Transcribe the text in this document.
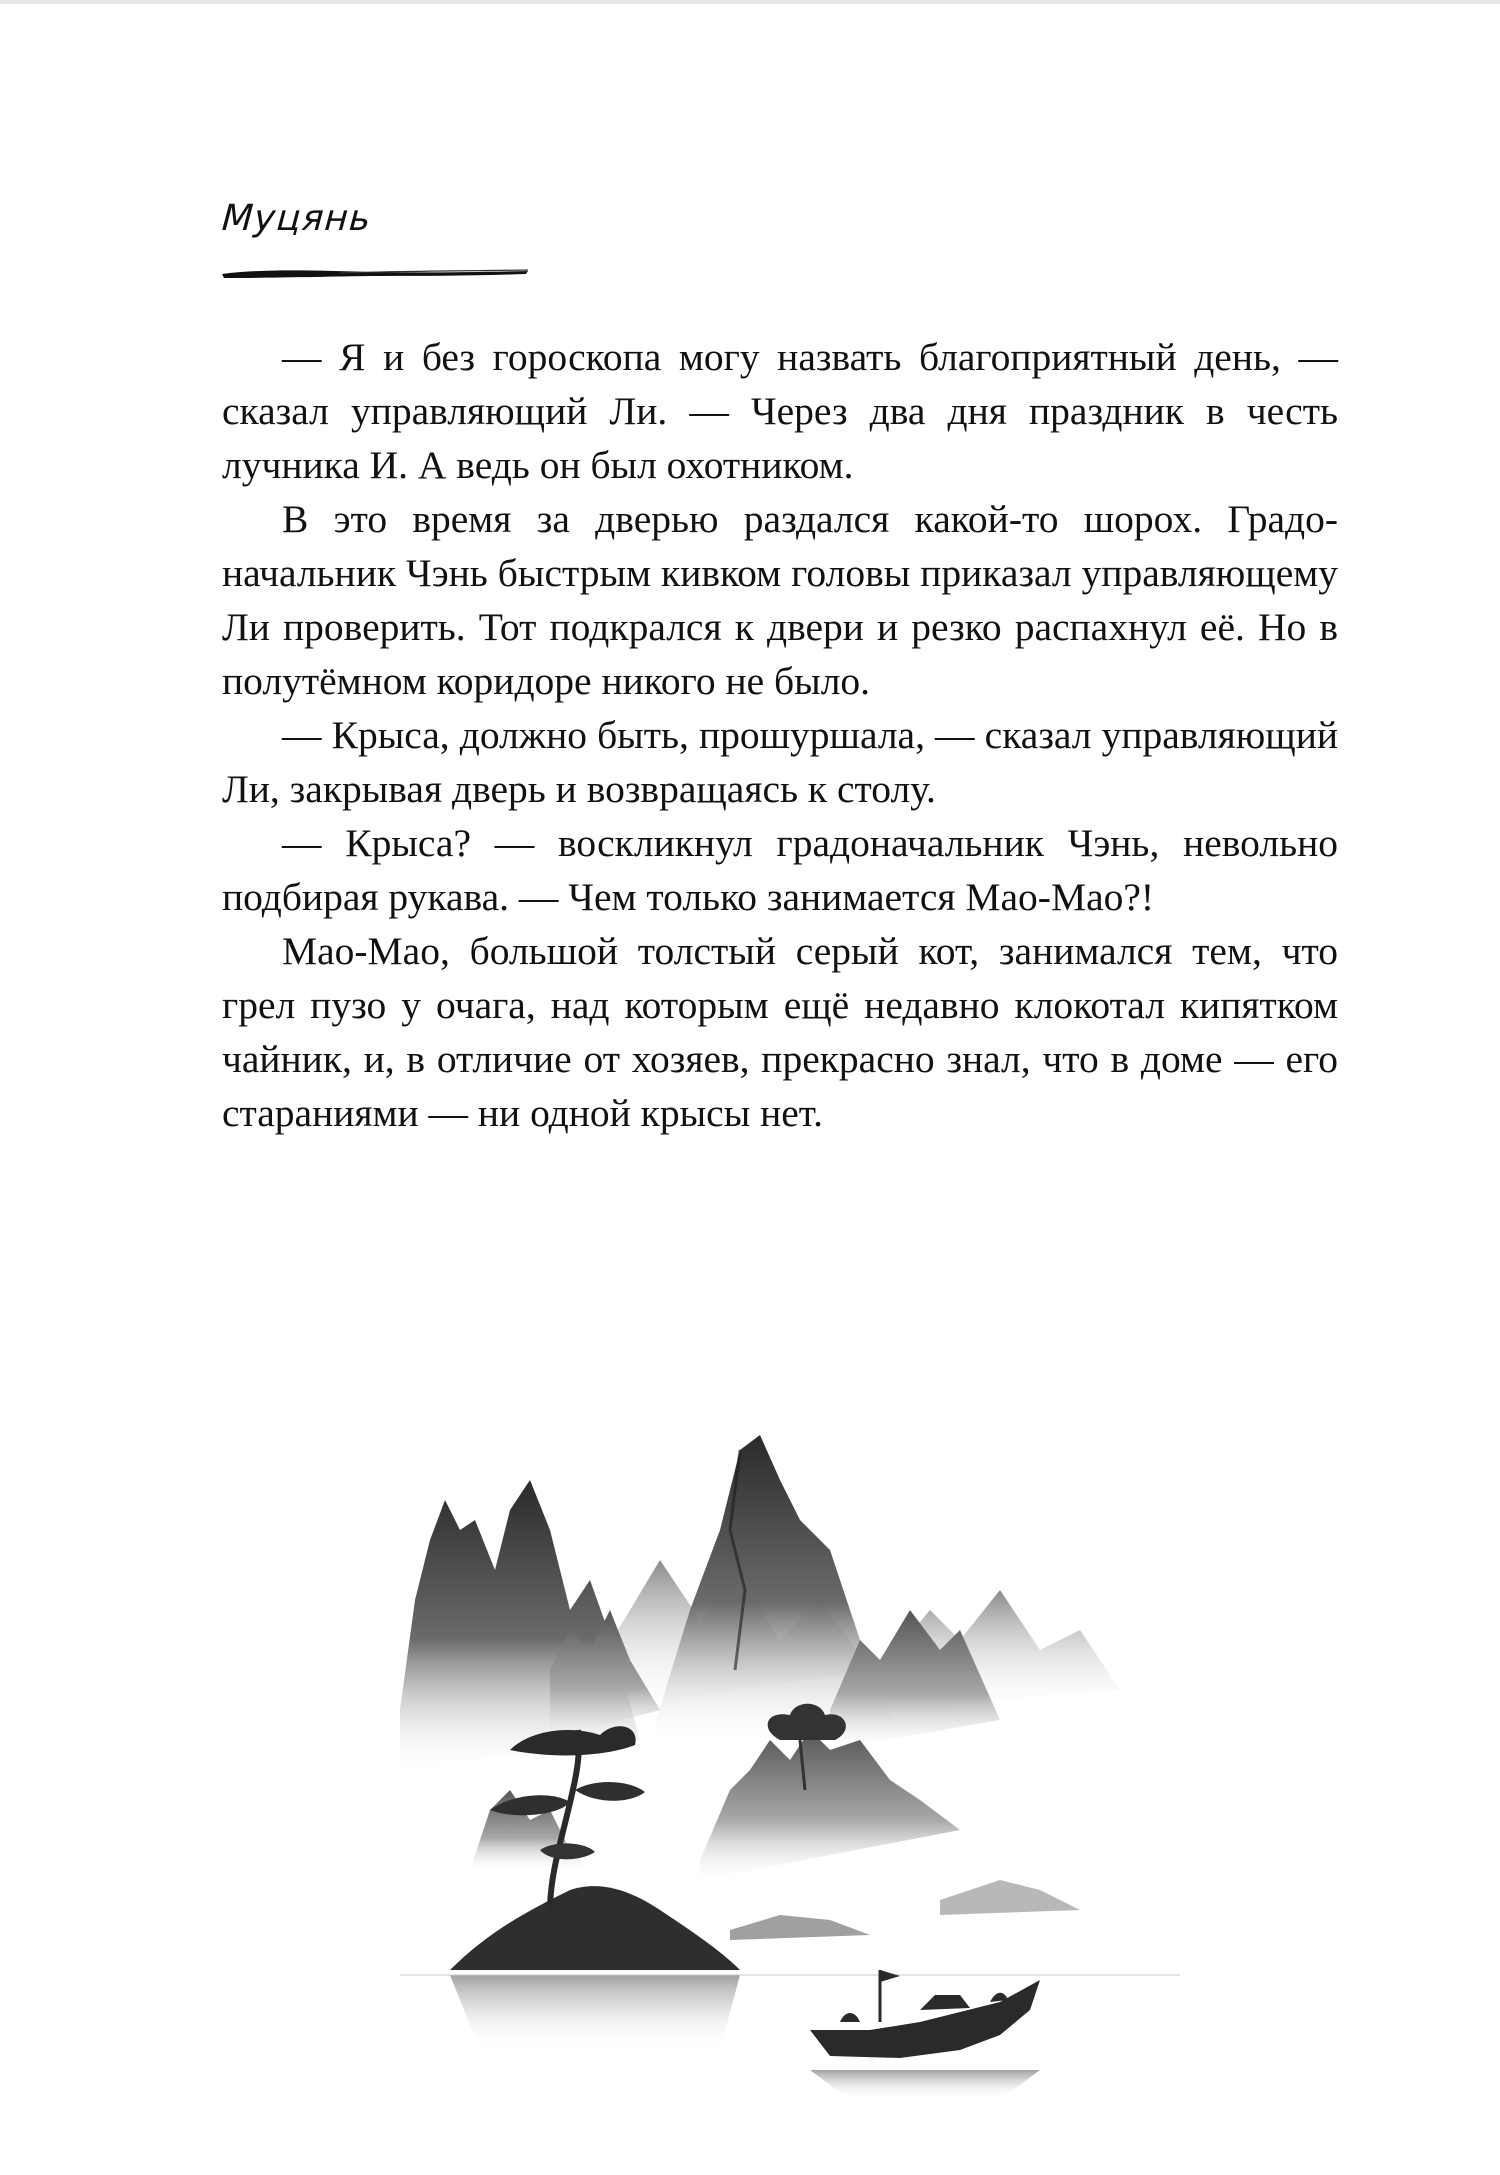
Муцянь

— Я и без гороскопа могу назвать благоприятный день, — сказал управляющий Ли. — Через два дня праздник в честь лучника И. А ведь он был охотником.

В это время за дверью раздался какой-то шорох. Градоначальник Чэнь быстрым кивком головы приказал управляющему Ли проверить. Тот подкрался к двери и резко распахнул её. Но в полутёмном коридоре никого не было.

— Крыса, должно быть, прошуршала, — сказал управляющий Ли, закрывая дверь и возвращаясь к столу.

— Крыса? — воскликнул градоначальник Чэнь, невольно подбирая рукава. — Чем только занимается Мао-Мао?!

Мао-Мао, большой толстый серый кот, занимался тем, что грел пузо у очага, над которым ещё недавно клокотал кипятком чайник, и, в отличие от хозяев, прекрасно знал, что в доме — его стараниями — ни одной крысы нет.
